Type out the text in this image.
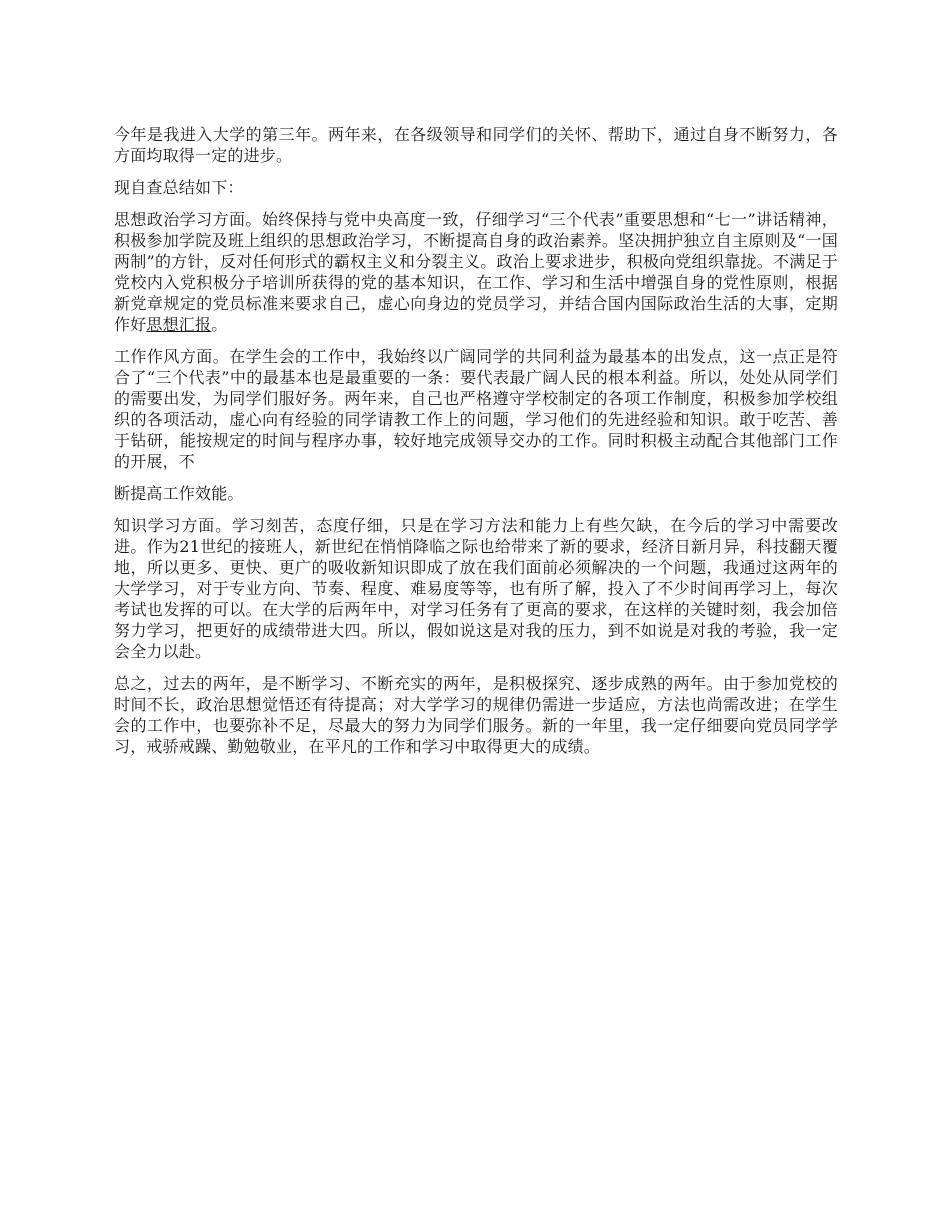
今年是我进入大学的第三年。两年来，在各级领导和同学们的关怀、帮助下，通过自身不断努力，各方面均取得一定的进步。

现自查总结如下：

思想政治学习方面。始终保持与党中央高度一致，仔细学习“三个代表”重要思想和“七一”讲话精神，积极参加学院及班上组织的思想政治学习，不断提高自身的政治素养。坚决拥护独立自主原则及“一国两制”的方针，反对任何形式的霸权主义和分裂主义。政治上要求进步，积极向党组织靠拢。不满足于党校内入党积极分子培训所获得的党的基本知识，在工作、学习和生活中增强自身的党性原则，根据新党章规定的党员标准来要求自己，虚心向身边的党员学习，并结合国内国际政治生活的大事，定期作好思想汇报。

工作作风方面。在学生会的工作中，我始终以广阔同学的共同利益为最基本的出发点，这一点正是符合了“三个代表”中的最基本也是最重要的一条：要代表最广阔人民的根本利益。所以，处处从同学们的需要出发，为同学们服好务。两年来，自己也严格遵守学校制定的各项工作制度，积极参加学校组织的各项活动，虚心向有经验的同学请教工作上的问题，学习他们的先进经验和知识。敢于吃苦、善于钻研，能按规定的时间与程序办事，较好地完成领导交办的工作。同时积极主动配合其他部门工作的开展，不

断提高工作效能。

知识学习方面。学习刻苦，态度仔细，只是在学习方法和能力上有些欠缺，在今后的学习中需要改进。作为21世纪的接班人，新世纪在悄悄降临之际也给带来了新的要求，经济日新月异，科技翻天覆地，所以更多、更快、更广的吸收新知识即成了放在我们面前必须解决的一个问题，我通过这两年的大学学习，对于专业方向、节奏、程度、难易度等等，也有所了解，投入了不少时间再学习上，每次考试也发挥的可以。在大学的后两年中，对学习任务有了更高的要求，在这样的关键时刻，我会加倍努力学习，把更好的成绩带进大四。所以，假如说这是对我的压力，到不如说是对我的考验，我一定会全力以赴。

总之，过去的两年，是不断学习、不断充实的两年，是积极探究、逐步成熟的两年。由于参加党校的时间不长，政治思想觉悟还有待提高；对大学学习的规律仍需进一步适应，方法也尚需改进；在学生会的工作中，也要弥补不足，尽最大的努力为同学们服务。新的一年里，我一定仔细要向党员同学学习，戒骄戒躁、勤勉敬业，在平凡的工作和学习中取得更大的成绩。
